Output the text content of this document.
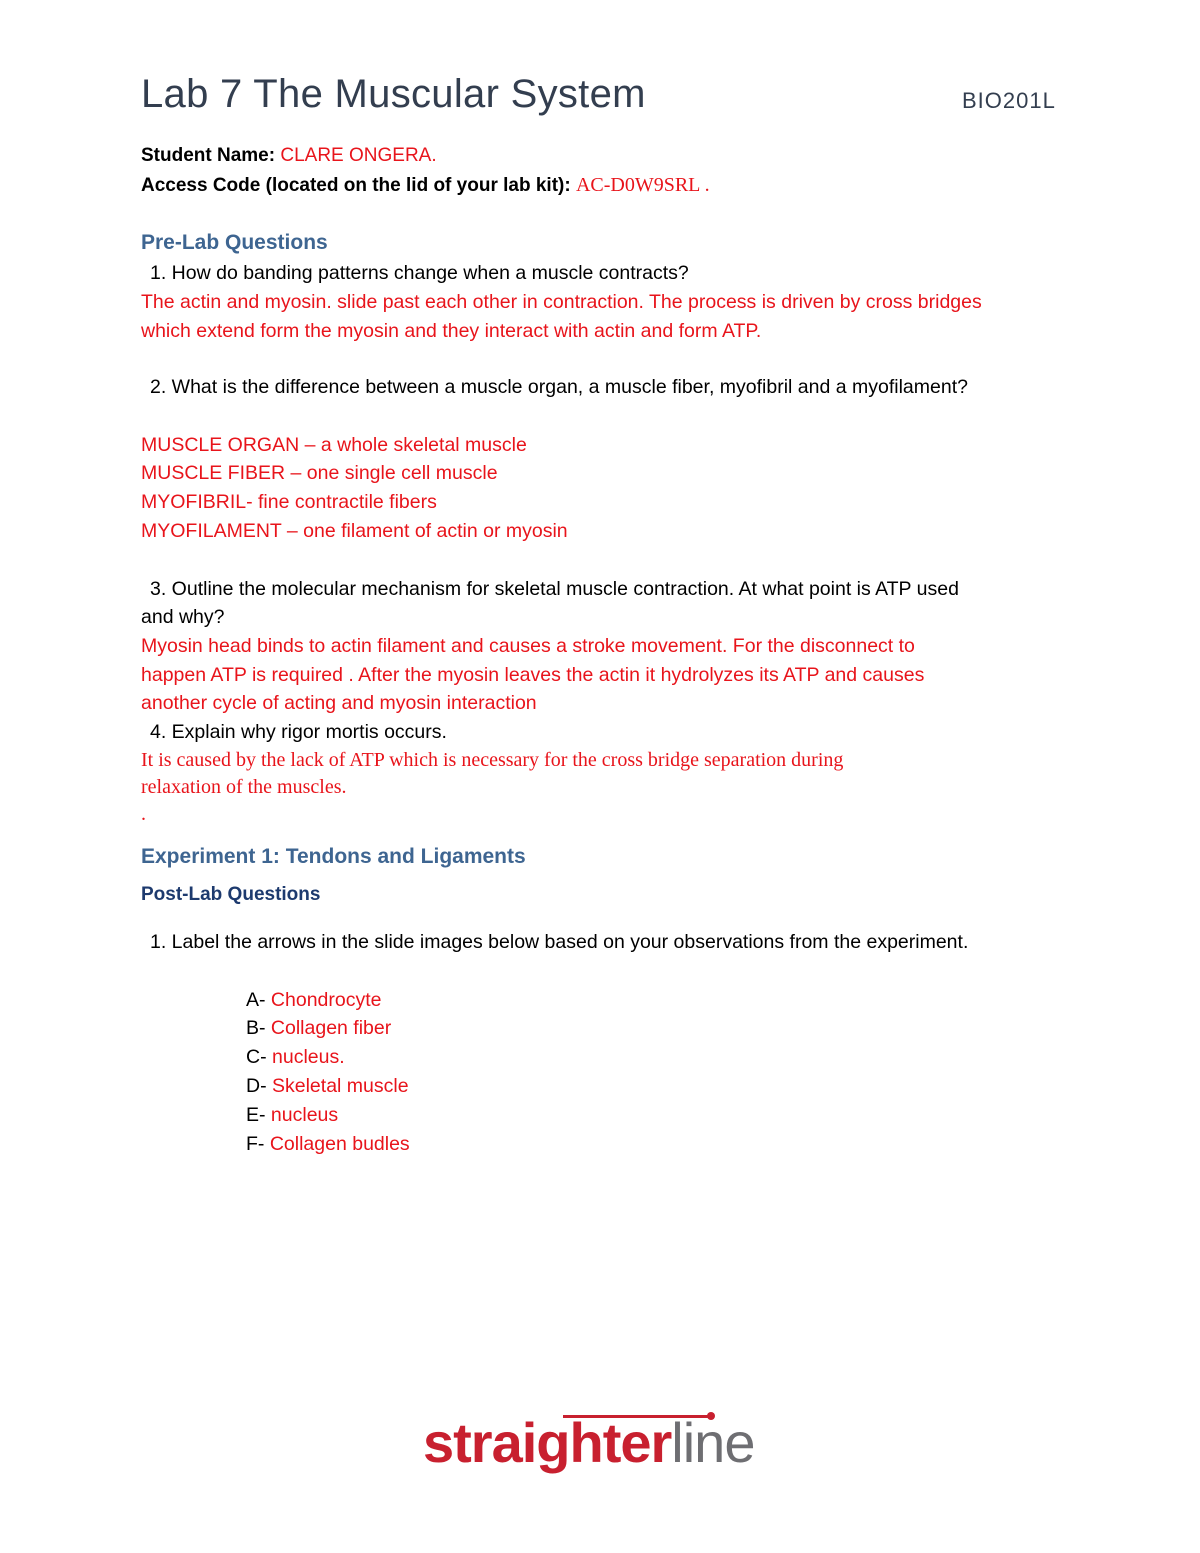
Lab 7 The Muscular System	BIO201L
Student Name: CLARE ONGERA.
Access Code (located on the lid of your lab kit): AC-D0W9SRL .
Pre-Lab Questions
1. How do banding patterns change when a muscle contracts?
The actin and myosin. slide past each other in contraction. The process is driven by cross bridges
which extend form the myosin and they interact with actin and form ATP.
2. What is the difference between a muscle organ, a muscle fiber, myofibril and a myofilament?
MUSCLE ORGAN – a whole skeletal muscle
MUSCLE FIBER – one single cell muscle
MYOFIBRIL- fine contractile fibers
MYOFILAMENT – one filament of actin or myosin
3. Outline the molecular mechanism for skeletal muscle contraction. At what point is ATP used
and why?
Myosin head binds to actin filament and causes a stroke movement. For the disconnect to
happen ATP is required . After the myosin leaves the actin it hydrolyzes its ATP and causes
another cycle of acting and myosin interaction
4. Explain why rigor mortis occurs.
It is caused by the lack of ATP which is necessary for the cross bridge separation during
relaxation of the muscles.
.
Experiment 1: Tendons and Ligaments
Post-Lab Questions
1. Label the arrows in the slide images below based on your observations from the experiment.
A- Chondrocyte
B- Collagen fiber
C- nucleus.
D- Skeletal muscle
E- nucleus
F- Collagen budles
straighterline
